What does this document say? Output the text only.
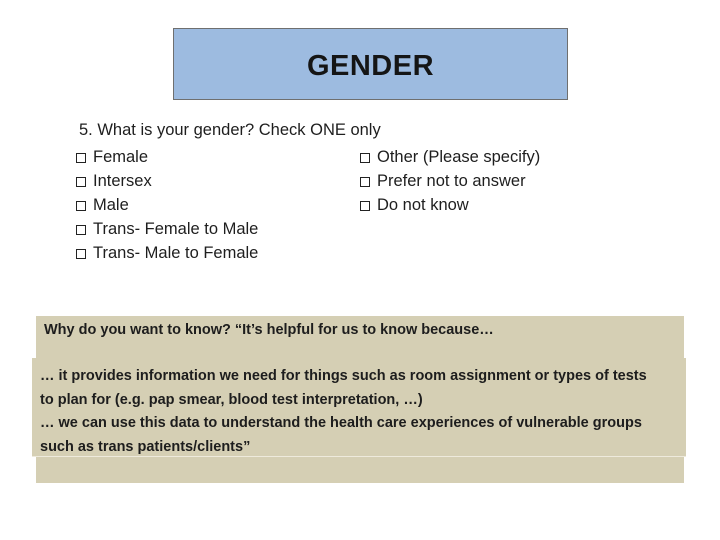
GENDER
5. What is your gender? Check ONE only
Female
Intersex
Male
Trans- Female to Male
Trans- Male to Female
Other (Please specify)
Prefer not to answer
Do not know
Why do you want to know? “It’s helpful for us to know because…

… it provides information we need for things such as room assignment or types of tests to plan for (e.g. pap smear, blood test interpretation, …)

… we can use this data to understand the health care experiences of vulnerable groups such as trans patients/clients”
